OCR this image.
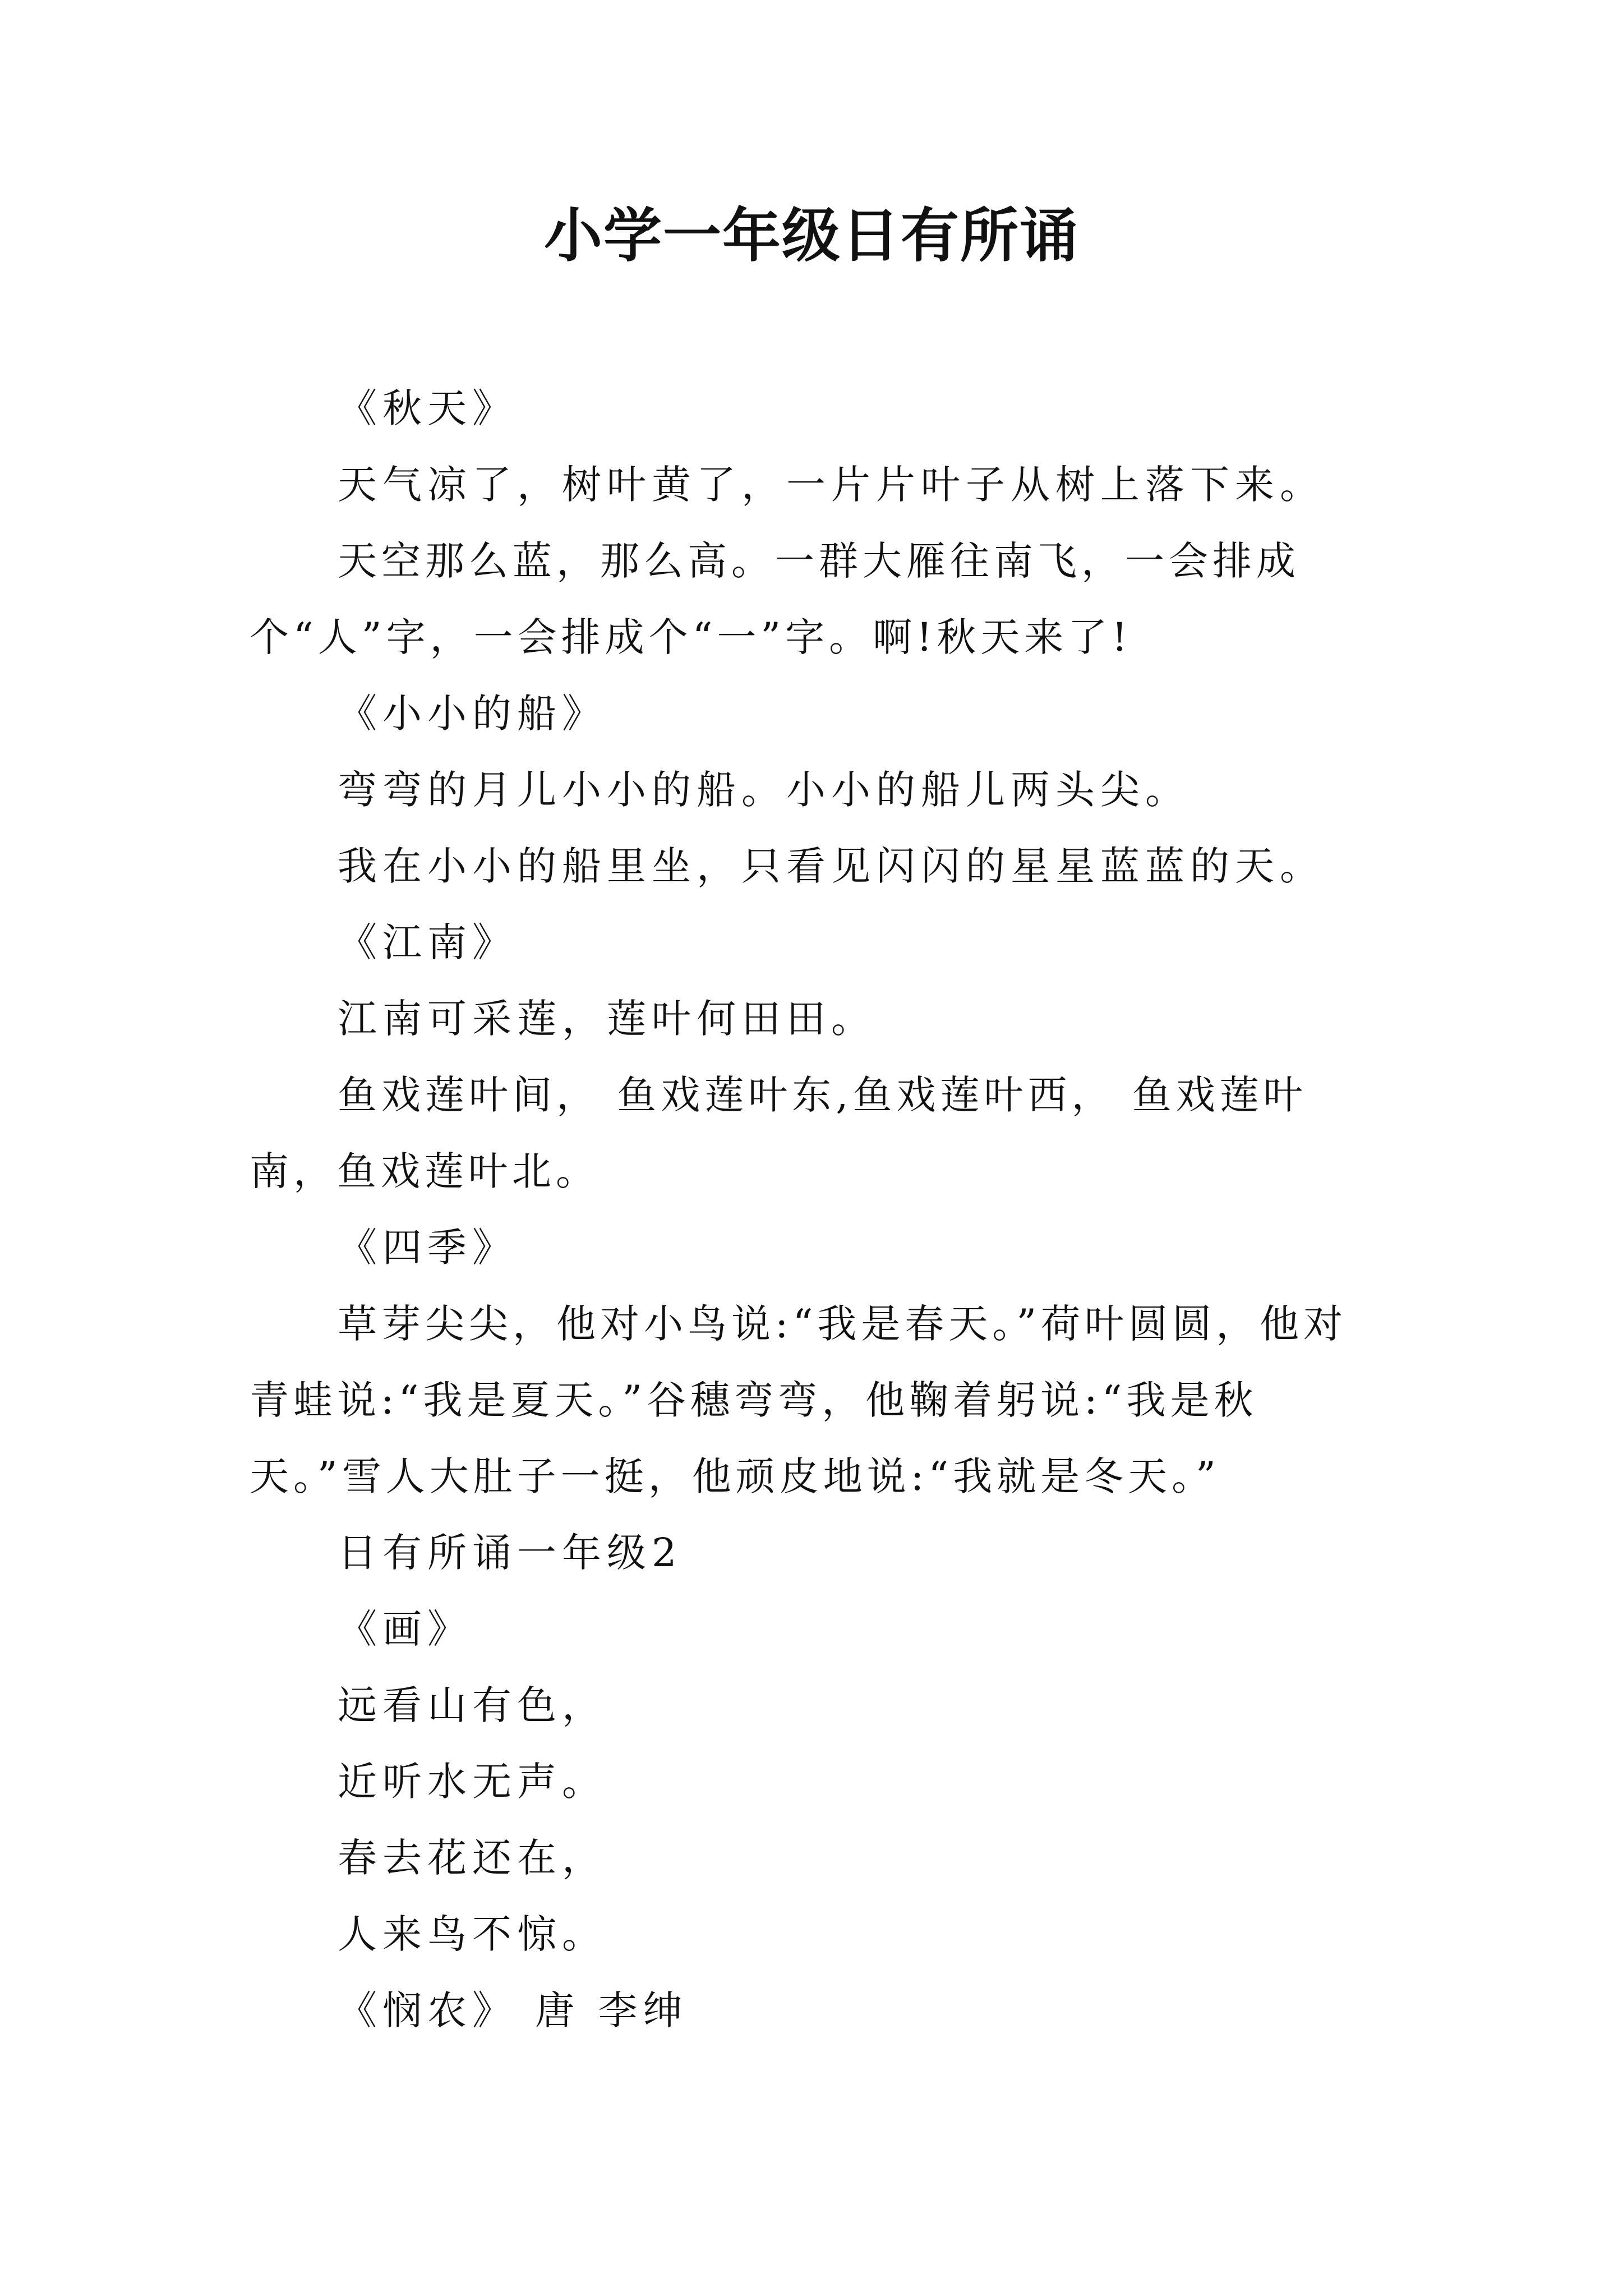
小学一年级日有所诵

《秋天》

天气凉了，树叶黄了，一片片叶子从树上落下来。

天空那么蓝，那么高。一群大雁往南飞，一会排成个“人”字，一会排成个“一”字。啊!秋天来了!

《小小的船》

弯弯的月儿小小的船。小小的船儿两头尖。

我在小小的船里坐，只看见闪闪的星星蓝蓝的天。

《江南》

江南可采莲，莲叶何田田。

鱼戏莲叶间， 鱼戏莲叶东,鱼戏莲叶西， 鱼戏莲叶南，鱼戏莲叶北。

《四季》

草芽尖尖，他对小鸟说:“我是春天。”荷叶圆圆，他对青蛙说:“我是夏天。”谷穗弯弯，他鞠着躬说:“我是秋天。”雪人大肚子一挺，他顽皮地说:“我就是冬天。”

日有所诵一年级2

《画》

远看山有色，

近听水无声。

春去花还在，

人来鸟不惊。

《悯农》 唐 李绅
